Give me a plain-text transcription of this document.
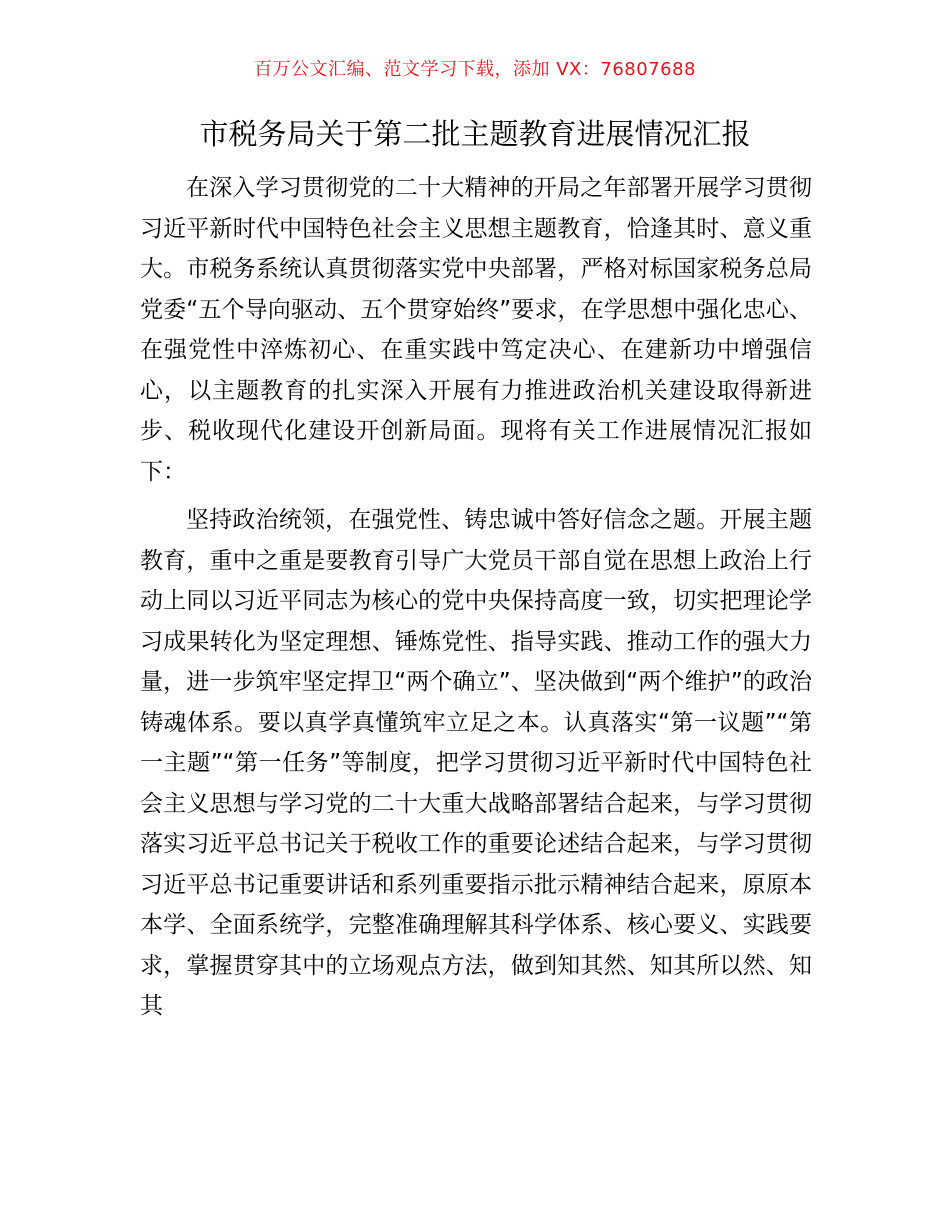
百万公文汇编、范文学习下载，添加 VX：76807688
市税务局关于第二批主题教育进展情况汇报

在深入学习贯彻党的二十大精神的开局之年部署开展学习贯彻习近平新时代中国特色社会主义思想主题教育，恰逢其时、意义重大。市税务系统认真贯彻落实党中央部署，严格对标国家税务总局党委“五个导向驱动、五个贯穿始终”要求，在学思想中强化忠心、在强党性中淬炼初心、在重实践中笃定决心、在建新功中增强信心，以主题教育的扎实深入开展有力推进政治机关建设取得新进步、税收现代化建设开创新局面。现将有关工作进展情况汇报如下：

坚持政治统领，在强党性、铸忠诚中答好信念之题。开展主题教育，重中之重是要教育引导广大党员干部自觉在思想上政治上行动上同以习近平同志为核心的党中央保持高度一致，切实把理论学习成果转化为坚定理想、锤炼党性、指导实践、推动工作的强大力量，进一步筑牢坚定捍卫“两个确立”、坚决做到“两个维护”的政治铸魂体系。要以真学真懂筑牢立足之本。认真落实“第一议题”“第一主题”“第一任务”等制度，把学习贯彻习近平新时代中国特色社会主义思想与学习党的二十大重大战略部署结合起来，与学习贯彻落实习近平总书记关于税收工作的重要论述结合起来，与学习贯彻习近平总书记重要讲话和系列重要指示批示精神结合起来，原原本本学、全面系统学，完整准确理解其科学体系、核心要义、实践要求，掌握贯穿其中的立场观点方法，做到知其然、知其所以然、知其
